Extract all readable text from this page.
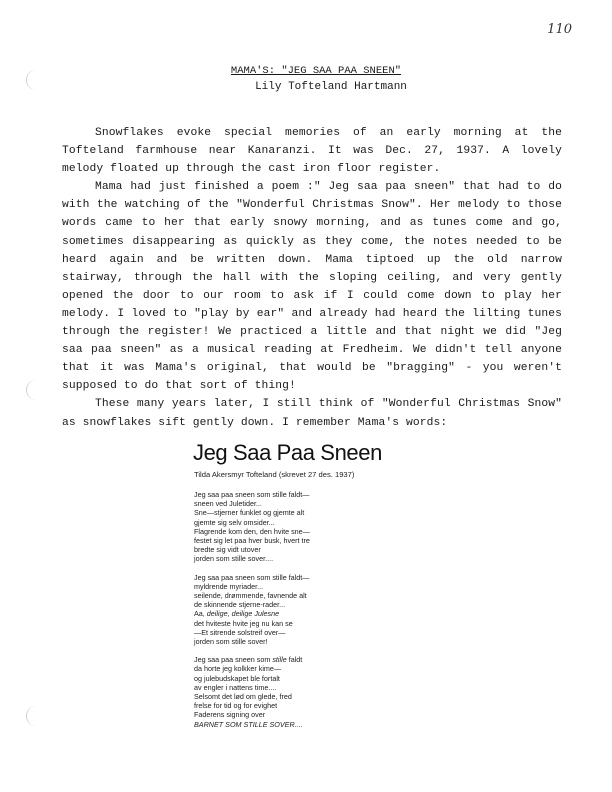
110
MAMA'S: "JEG SAA PAA SNEEN"
Lily Tofteland Hartmann

Snowflakes evoke special memories of an early morning at the Tofteland farmhouse near Kanaranzi. It was Dec. 27, 1937. A lovely melody floated up through the cast iron floor register.

Mama had just finished a poem :" Jeg saa paa sneen" that had to do with the watching of the "Wonderful Christmas Snow". Her melody to those words came to her that early snowy morning, and as tunes come and go, sometimes disappearing as quickly as they come, the notes needed to be heard again and be written down. Mama tiptoed up the old narrow stairway, through the hall with the sloping ceiling, and very gently opened the door to our room to ask if I could come down to play her melody. I loved to "play by ear" and already had heard the lilting tunes through the register! We practiced a little and that night we did "Jeg saa paa sneen" as a musical reading at Fredheim. We didn't tell anyone that it was Mama's original, that would be "bragging" - you weren't supposed to do that sort of thing!

These many years later, I still think of "Wonderful Christmas Snow" as snowflakes sift gently down. I remember Mama's words:

Jeg Saa Paa Sneen
Tilda Akersmyr Tofteland (skrevet 27 des. 1937)
Jeg saa paa sneen som stille faldt—
sneen ved Juletider...
Sne—stjerner funklet og gjemte alt
gjemte sig selv omsider...
Flagrende kom den, den hvite sne—
festet sig let paa hver busk, hvert tre
bredte sig vidt utover
jorden som stille sover....
Jeg saa paa sneen som stille faldt—
myldrende myriader...
seilende, drømmende, favnende alt
de skinnende stjerne-rader...
Aa, deilige, deilige Julesne
det hviteste hvite jeg nu kan se
—Et sitrende solstreif over—
jorden som stille sover!
Jeg saa paa sneen som stille faldt
da horte jeg kolkker kime—
og julebudskapet ble fortalt
av engler i nattens time....
Selsomt det lød om glede, fred
frelse for tid og for evighet
Faderens signing over
BARNET SOM STILLE SOVER....
